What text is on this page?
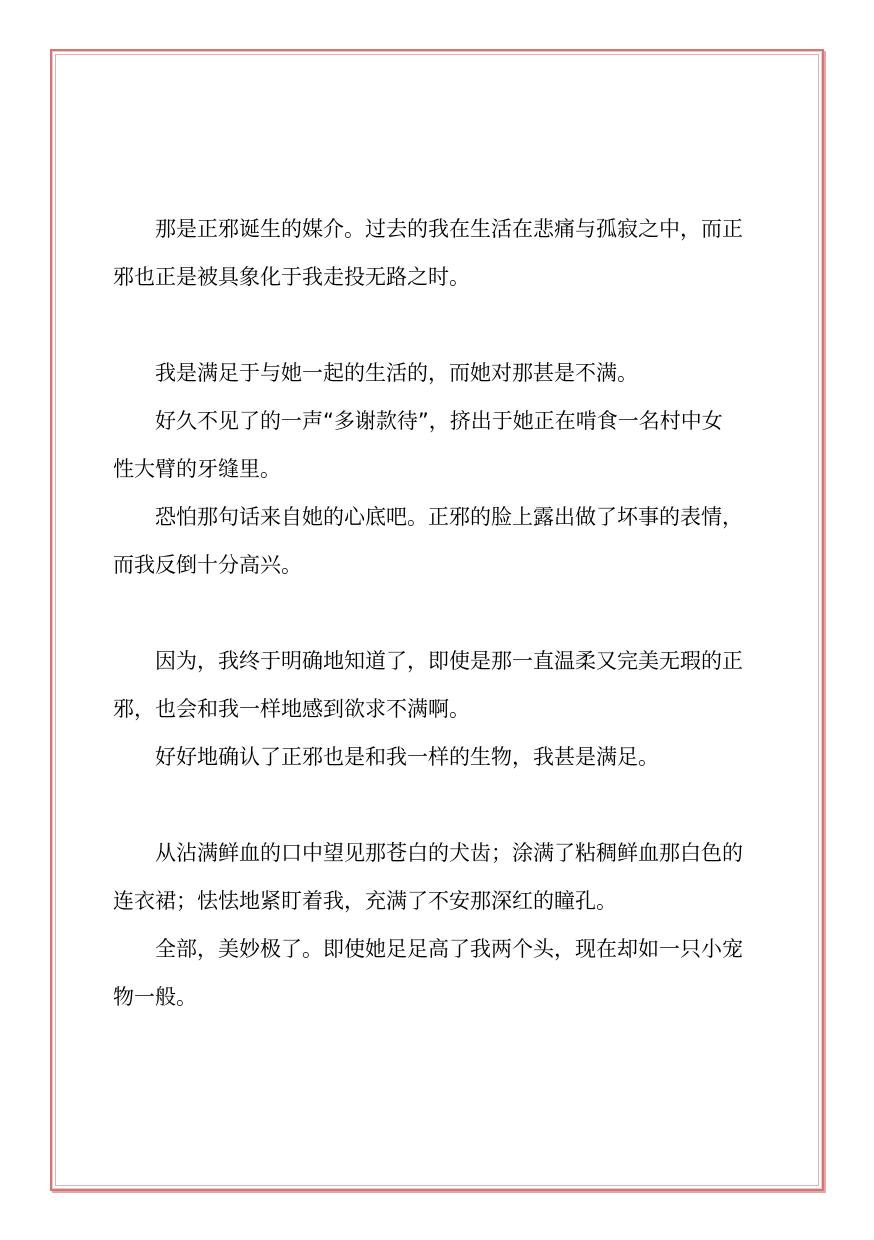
那是正邪诞生的媒介。过去的我在生活在悲痛与孤寂之中，而正
邪也正是被具象化于我走投无路之时。
我是满足于与她一起的生活的，而她对那甚是不满。
好久不见了的一声“多谢款待”，挤出于她正在啃食一名村中女
性大臂的牙缝里。
恐怕那句话来自她的心底吧。正邪的脸上露出做了坏事的表情，
而我反倒十分高兴。
因为，我终于明确地知道了，即使是那一直温柔又完美无瑕的正
邪，也会和我一样地感到欲求不满啊。
好好地确认了正邪也是和我一样的生物，我甚是满足。
从沾满鲜血的口中望见那苍白的犬齿；涂满了粘稠鲜血那白色的
连衣裙；怯怯地紧盯着我，充满了不安那深红的瞳孔。
全部，美妙极了。即使她足足高了我两个头，现在却如一只小宠
物一般。
